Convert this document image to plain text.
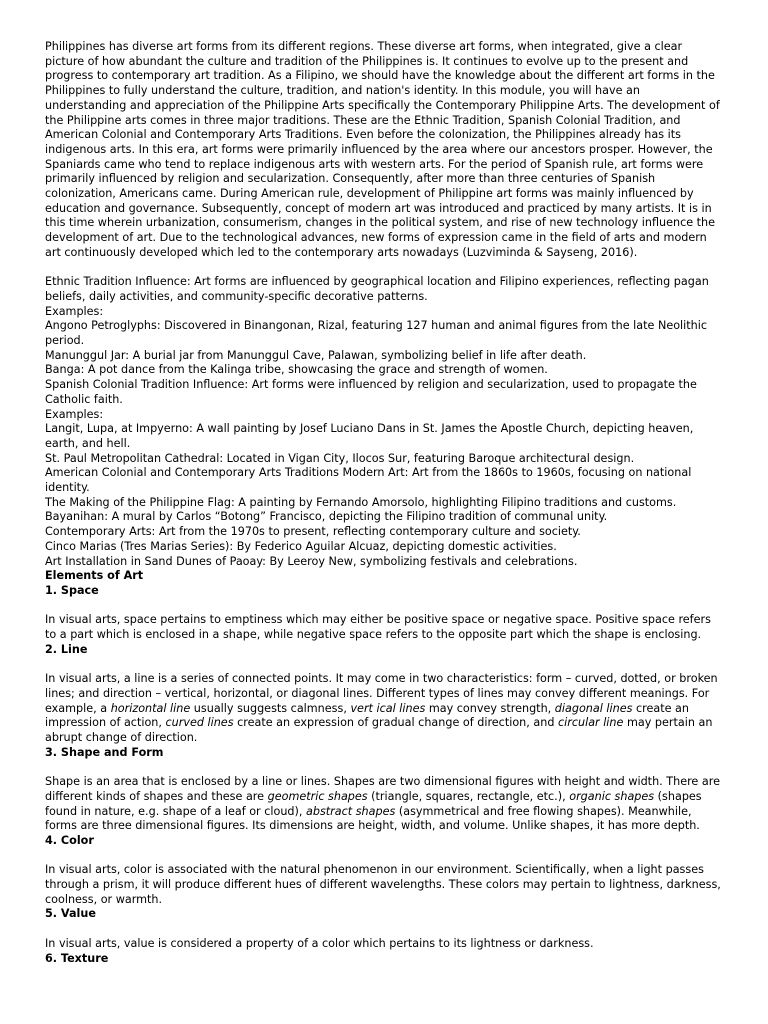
Philippines has diverse art forms from its different regions. These diverse art forms, when integrated, give a clear picture of how abundant the culture and tradition of the Philippines is. It continues to evolve up to the present and progress to contemporary art tradition. As a Filipino, we should have the knowledge about the different art forms in the Philippines to fully understand the culture, tradition, and nation's identity. In this module, you will have an understanding and appreciation of the Philippine Arts specifically the Contemporary Philippine Arts. The development of the Philippine arts comes in three major traditions. These are the Ethnic Tradition, Spanish Colonial Tradition, and American Colonial and Contemporary Arts Traditions. Even before the colonization, the Philippines already has its indigenous arts. In this era, art forms were primarily influenced by the area where our ancestors prosper. However, the Spaniards came who tend to replace indigenous arts with western arts. For the period of Spanish rule, art forms were primarily influenced by religion and secularization. Consequently, after more than three centuries of Spanish colonization, Americans came. During American rule, development of Philippine art forms was mainly influenced by education and governance. Subsequently, concept of modern art was introduced and practiced by many artists. It is in this time wherein urbanization, consumerism, changes in the political system, and rise of new technology influence the development of art. Due to the technological advances, new forms of expression came in the field of arts and modern art continuously developed which led to the contemporary arts nowadays (Luzviminda & Sayseng, 2016).

Ethnic Tradition Influence: Art forms are influenced by geographical location and Filipino experiences, reflecting pagan beliefs, daily activities, and community-specific decorative patterns.

Examples:

Angono Petroglyphs: Discovered in Binangonan, Rizal, featuring 127 human and animal figures from the late Neolithic period.

Manunggul Jar: A burial jar from Manunggul Cave, Palawan, symbolizing belief in life after death.

Banga: A pot dance from the Kalinga tribe, showcasing the grace and strength of women.

Spanish Colonial Tradition Influence: Art forms were influenced by religion and secularization, used to propagate the Catholic faith.

Examples:

Langit, Lupa, at Impyerno: A wall painting by Josef Luciano Dans in St. James the Apostle Church, depicting heaven, earth, and hell.

St. Paul Metropolitan Cathedral: Located in Vigan City, Ilocos Sur, featuring Baroque architectural design.

American Colonial and Contemporary Arts Traditions Modern Art: Art from the 1860s to 1960s, focusing on national identity.

The Making of the Philippine Flag: A painting by Fernando Amorsolo, highlighting Filipino traditions and customs.

Bayanihan: A mural by Carlos “Botong” Francisco, depicting the Filipino tradition of communal unity.

Contemporary Arts: Art from the 1970s to present, reflecting contemporary culture and society.

Cinco Marias (Tres Marias Series): By Federico Aguilar Alcuaz, depicting domestic activities.

Art Installation in Sand Dunes of Paoay: By Leeroy New, symbolizing festivals and celebrations.

Elements of Art

1. Space

In visual arts, space pertains to emptiness which may either be positive space or negative space. Positive space refers to a part which is enclosed in a shape, while negative space refers to the opposite part which the shape is enclosing.

2. Line

In visual arts, a line is a series of connected points. It may come in two characteristics: form – curved, dotted, or broken lines; and direction – vertical, horizontal, or diagonal lines. Different types of lines may convey different meanings. For example, a horizontal line usually suggests calmness, vert ical lines may convey strength, diagonal lines create an impression of action, curved lines create an expression of gradual change of direction, and circular line may pertain an abrupt change of direction.

3. Shape and Form

Shape is an area that is enclosed by a line or lines. Shapes are two dimensional figures with height and width. There are different kinds of shapes and these are geometric shapes (triangle, squares, rectangle, etc.), organic shapes (shapes found in nature, e.g. shape of a leaf or cloud), abstract shapes (asymmetrical and free flowing shapes). Meanwhile, forms are three dimensional figures. Its dimensions are height, width, and volume. Unlike shapes, it has more depth.

4. Color

In visual arts, color is associated with the natural phenomenon in our environment. Scientifically, when a light passes through a prism, it will produce different hues of different wavelengths. These colors may pertain to lightness, darkness, coolness, or warmth.

5. Value

In visual arts, value is considered a property of a color which pertains to its lightness or darkness.

6. Texture
